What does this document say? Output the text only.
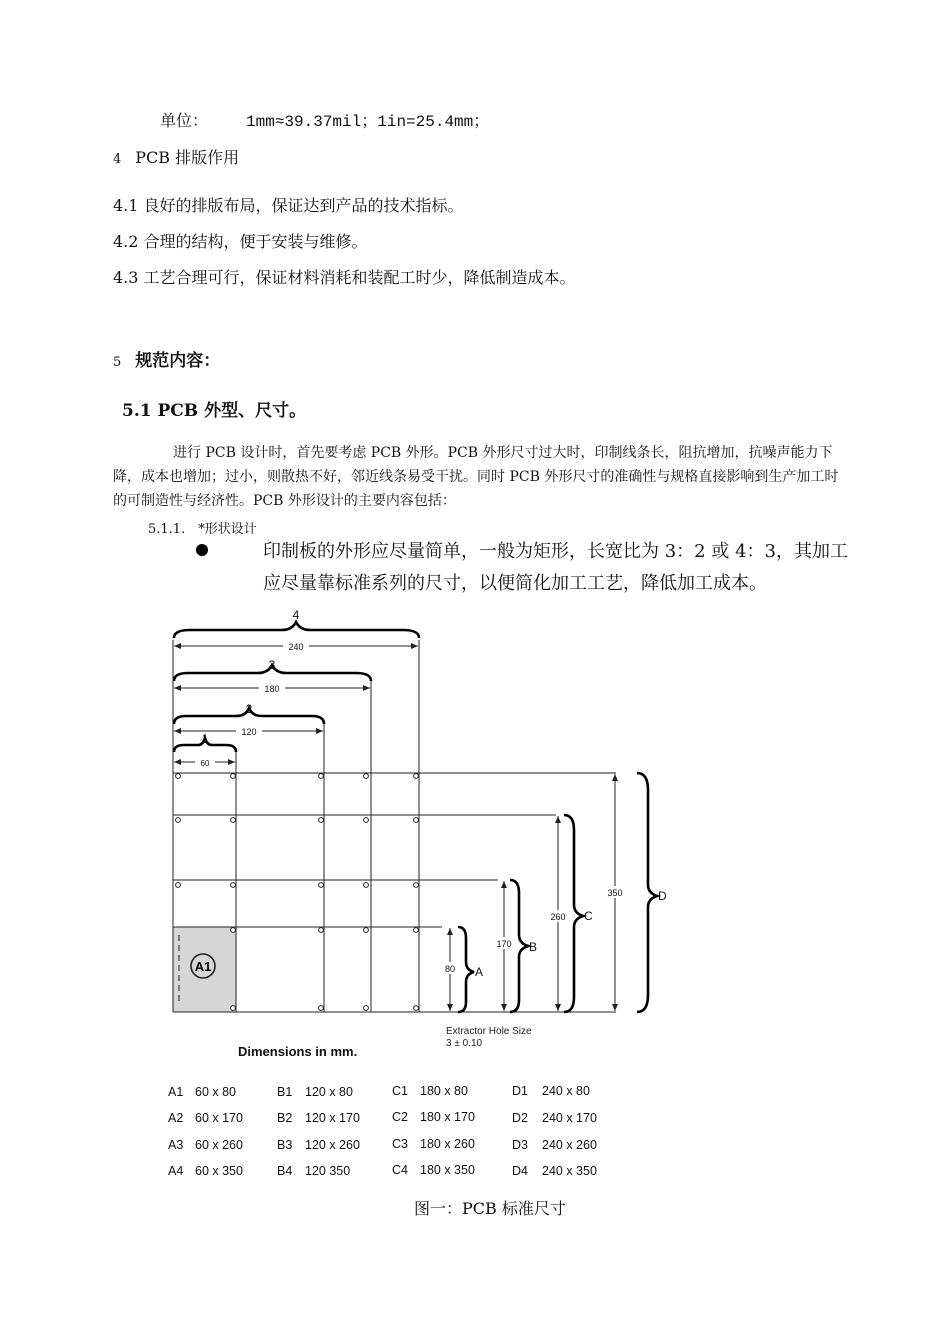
单位： 1mm≈39.37mil；1in=25.4mm；
4 PCB 排版作用
4.1 良好的排版布局，保证达到产品的技术指标。
4.2 合理的结构，便于安装与维修。
4.3 工艺合理可行，保证材料消耗和装配工时少，降低制造成本。
5 规范内容：
5.1 PCB 外型、尺寸。
进行 PCB 设计时，首先要考虑 PCB 外形。PCB 外形尺寸过大时，印制线条长，阻抗增加，抗噪声能力下降，成本也增加；过小，则散热不好，邻近线条易受干扰。同时 PCB 外形尺寸的准确性与规格直接影响到生产加工时的可制造性与经济性。PCB 外形设计的主要内容包括：
5.1.1.　*形状设计
印制板的外形应尽量简单，一般为矩形，长宽比为 3：2 或 4：3，其加工应尽量靠标准系列的尺寸，以便简化加工工艺，降低加工成本。
A1
60
1	120
2
180
3
240
4
80 A
170 B
260 C
350	D
Extractor Hole Size
3 ± 0.10
Dimensions in mm.
A1 60 x 80	B1 120 x 80	C1 180 x 80	D1 240 x 80
A2 60 x 170	B2 120 x 170	C2 180 x 170	D2 240 x 170
A3 60 x 260	B3 120 x 260	C3 180 x 260	D3 240 x 260
A4 60 x 350	B4 120 350	C4 180 x 350	D4 240 x 350
图一：PCB 标准尺寸
